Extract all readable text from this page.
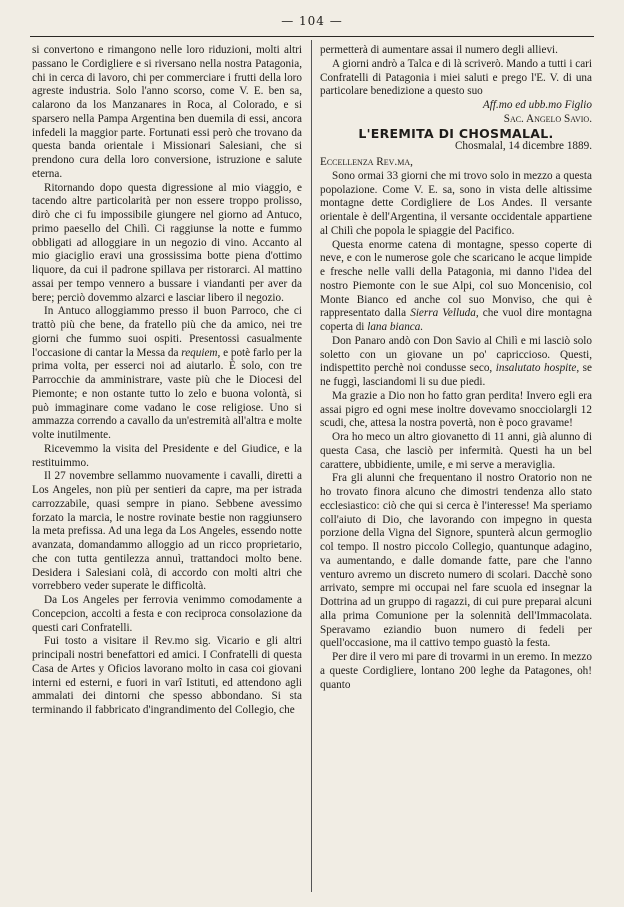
— 104 —

si convertono e rimangono nelle loro riduzioni, molti altri passano le Cordigliere e si riversano nella nostra Patagonia, chi in cerca di lavoro, chi per commerciare i frutti della loro agreste industria. Solo l'anno scorso, come V. E. ben sa, calarono da los Manzanares in Roca, al Colorado, e si sparsero nella Pampa Argentina ben duemila di essi, ancora infedeli la maggior parte. Fortunati essi però che trovano da questa banda orientale i Missionari Salesiani, che si prendono cura della loro conversione, istruzione e salute eterna.

Ritornando dopo questa digressione al mio viaggio, e tacendo altre particolarità per non essere troppo prolisso, dirò che ci fu impossibile giungere nel giorno ad Antuco, primo paesello del Chilì. Ci raggiunse la notte e fummo obbligati ad alloggiare in un negozio di vino. Accanto al mio giaciglio eravi una grossissima botte piena d'ottimo liquore, da cui il padrone spillava per ristorarci. Al mattino assai per tempo vennero a bussare i viandanti per aver da bere; perciò dovemmo alzarci e lasciar libero il negozio.

In Antuco alloggiammo presso il buon Parroco, che ci trattò più che bene, da fratello più che da amico, nei tre giorni che fummo suoi ospiti. Presentossi casualmente l'occasione di cantar la Messa da requiem, e potè farlo per la prima volta, per esserci noi ad aiutarlo. È solo, con tre Parrocchie da amministrare, vaste più che le Diocesi del Piemonte; e non ostante tutto lo zelo e buona volontà, si può immaginare come vadano le cose religiose. Uno si ammazza correndo a cavallo da un'estremità all'altra e molte volte inutilmente.

Ricevemmo la visita del Presidente e del Giudice, e la restituimmo.

Il 27 novembre sellammo nuovamente i cavalli, diretti a Los Angeles, non più per sentieri da capre, ma per istrada carrozzabile, quasi sempre in piano. Sebbene avessimo forzato la marcia, le nostre rovinate bestie non raggiunsero la meta prefissa. Ad una lega da Los Angeles, essendo notte avanzata, domandammo alloggio ad un ricco proprietario, che con tutta gentilezza annuì, trattandoci molto bene. Desidera i Salesiani colà, di accordo con molti altri che vorrebbero veder superate le difficoltà.

Da Los Angeles per ferrovia venimmo comodamente a Concepcion, accolti a festa e con reciproca consolazione da questi cari Confratelli.

Fui tosto a visitare il Rev.mo sig. Vicario e gli altri principali nostri benefattori ed amici. I Confratelli di questa Casa de Artes y Oficios lavorano molto in casa coi giovani interni ed esterni, e fuori in varî Istituti, ed attendono agli ammalati dei dintorni che spesso abbondano. Si sta terminando il fabbricato d'ingrandimento del Collegio, che

permetterà di aumentare assai il numero degli allievi.

A giorni andrò a Talca e di là scriverò. Mando a tutti i cari Confratelli di Patagonia i miei saluti e prego l'E. V. di una particolare benedizione a questo suo

Aff.mo ed ubb.mo Figlio

Sac. Angelo Savio.

L'EREMITA DI CHOSMALAL.

Chosmalal, 14 dicembre 1889.

Eccellenza Rev.ma,

Sono ormai 33 giorni che mi trovo solo in mezzo a questa popolazione. Come V. E. sa, sono in vista delle altissime montagne dette Cordigliere de Los Andes. Il versante orientale è dell'Argentina, il versante occidentale appartiene al Chilì che popola le spiaggie del Pacifico.

Questa enorme catena di montagne, spesso coperte di neve, e con le numerose gole che scaricano le acque limpide e fresche nelle valli della Patagonia, mi danno l'idea del nostro Piemonte con le sue Alpi, col suo Moncenisio, col Monte Bianco ed anche col suo Monviso, che qui è rappresentato dalla Sierra Velluda, che vuol dire montagna coperta di lana bianca.

Don Panaro andò con Don Savio al Chilì e mi lasciò solo soletto con un giovane un po' capriccioso. Questi, indispettito perchè noi condusse seco, insalutato hospite, se ne fuggì, lasciandomi li su due piedi.

Ma grazie a Dio non ho fatto gran perdita! Invero egli era assai pigro ed ogni mese inoltre dovevamo snocciolargli 12 scudi, che, attesa la nostra povertà, non è poco gravame!

Ora ho meco un altro giovanetto di 11 anni, già alunno di questa Casa, che lasciò per infermità. Questi ha un bel carattere, ubbidiente, umile, e mi serve a meraviglia.

Fra gli alunni che frequentano il nostro Oratorio non ne ho trovato finora alcuno che dimostri tendenza allo stato ecclesiastico: ciò che qui si cerca è l'interesse! Ma speriamo coll'aiuto di Dio, che lavorando con impegno in questa porzione della Vigna del Signore, spunterà alcun germoglio col tempo. Il nostro piccolo Collegio, quantunque adagino, va aumentando, e dalle domande fatte, pare che l'anno venturo avremo un discreto numero di scolari. Dacchè sono arrivato, sempre mi occupai nel fare scuola ed insegnar la Dottrina ad un gruppo di ragazzi, di cui pure preparai alcuni alla prima Comunione per la solennità dell'Immacolata. Speravamo eziandio buon numero di fedeli per quell'occasione, ma il cattivo tempo guastò la festa.

Per dire il vero mi pare di trovarmi in un eremo. In mezzo a queste Cordigliere, lontano 200 leghe da Patagones, oh! quanto
